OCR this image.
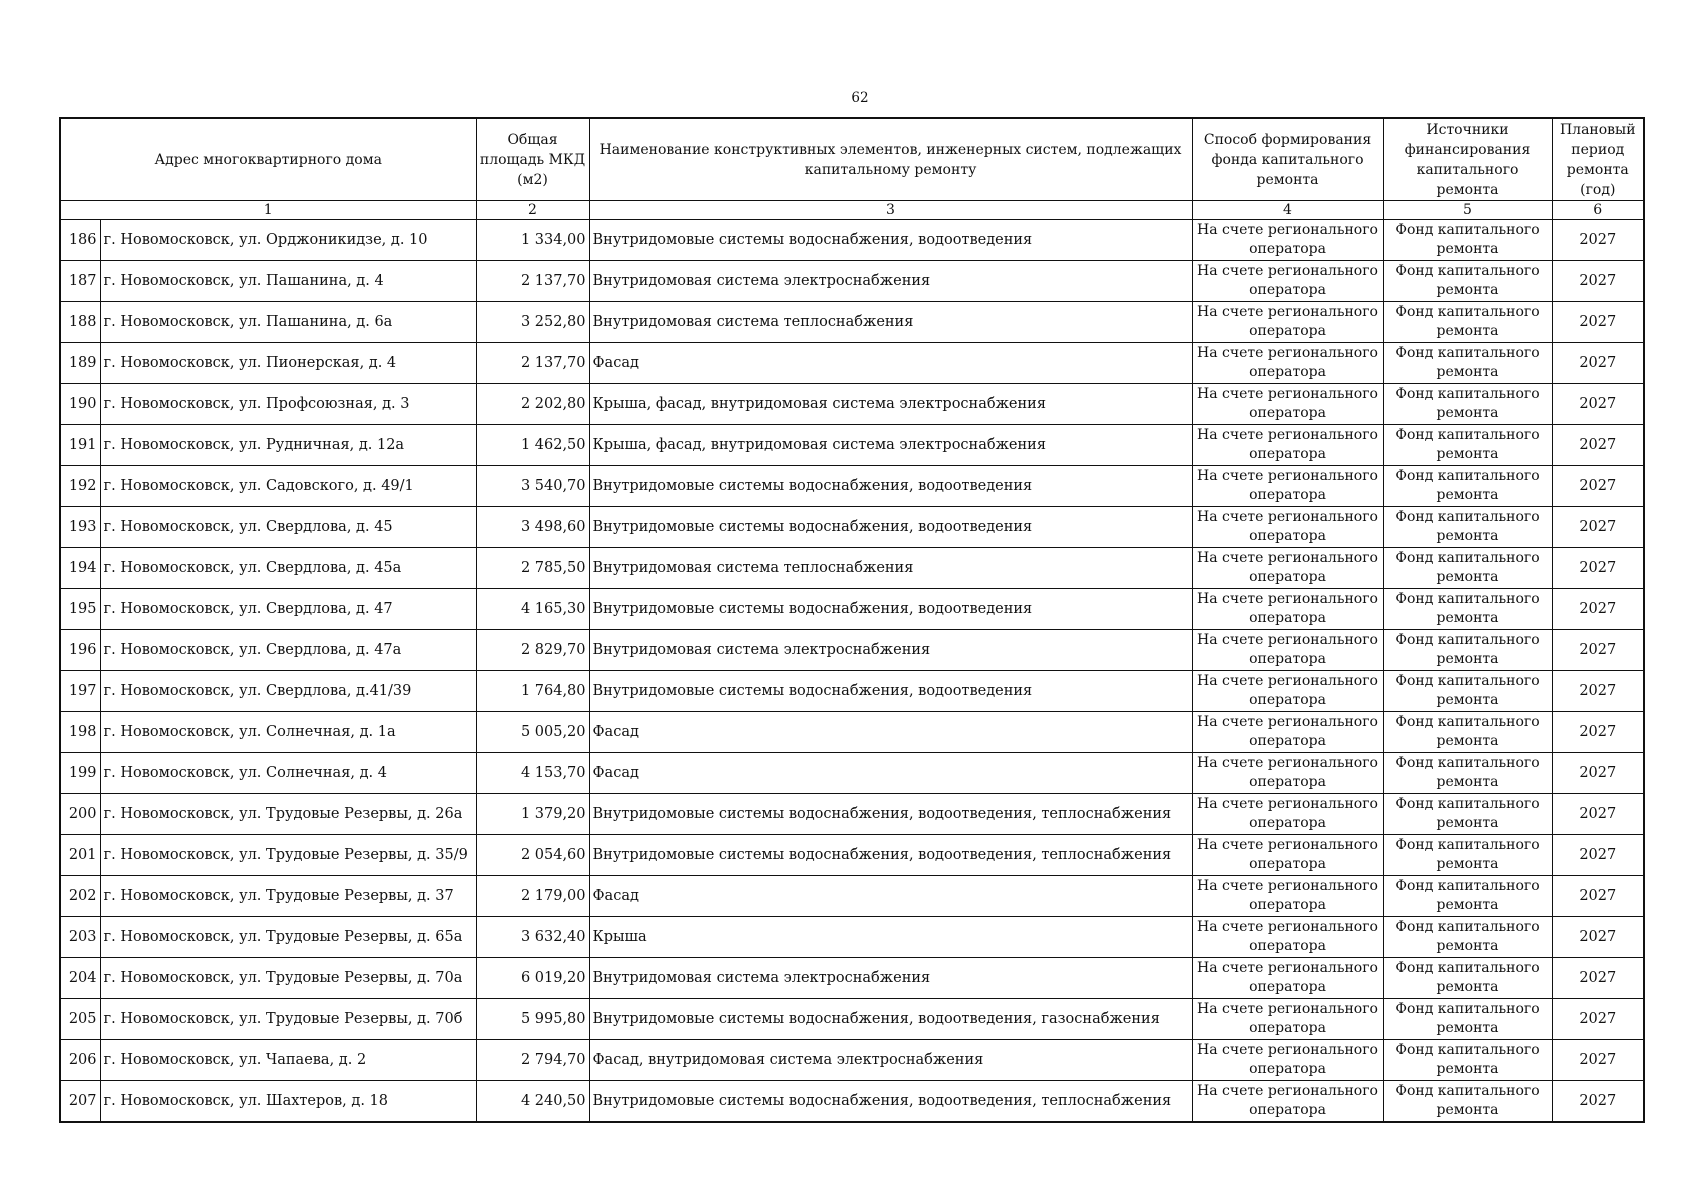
62
Адрес многоквартирного дома		Общая площадь МКД (м2)	Наименование конструктивных элементов, инженерных систем, подлежащих капитальному ремонту	Способ формирования фонда капитального ремонта	Источники финансирования капитального ремонта	Плановый период ремонта (год)
1		2	3	4	5	6
186	г. Новомосковск, ул. Орджоникидзе, д. 10	1 334,00	Внутридомовые системы водоснабжения, водоотведения	На счете регионального оператора	Фонд капитального ремонта	2027
187	г. Новомосковск, ул. Пашанина, д. 4	2 137,70	Внутридомовая система электроснабжения	На счете регионального оператора	Фонд капитального ремонта	2027
188	г. Новомосковск, ул. Пашанина, д. 6а	3 252,80	Внутридомовая система теплоснабжения	На счете регионального оператора	Фонд капитального ремонта	2027
189	г. Новомосковск, ул. Пионерская, д. 4	2 137,70	Фасад	На счете регионального оператора	Фонд капитального ремонта	2027
190	г. Новомосковск, ул. Профсоюзная, д. 3	2 202,80	Крыша, фасад, внутридомовая система электроснабжения	На счете регионального оператора	Фонд капитального ремонта	2027
191	г. Новомосковск, ул. Рудничная, д. 12а	1 462,50	Крыша, фасад, внутридомовая система электроснабжения	На счете регионального оператора	Фонд капитального ремонта	2027
192	г. Новомосковск, ул. Садовского, д. 49/1	3 540,70	Внутридомовые системы водоснабжения, водоотведения	На счете регионального оператора	Фонд капитального ремонта	2027
193	г. Новомосковск, ул. Свердлова, д. 45	3 498,60	Внутридомовые системы водоснабжения, водоотведения	На счете регионального оператора	Фонд капитального ремонта	2027
194	г. Новомосковск, ул. Свердлова, д. 45а	2 785,50	Внутридомовая система теплоснабжения	На счете регионального оператора	Фонд капитального ремонта	2027
195	г. Новомосковск, ул. Свердлова, д. 47	4 165,30	Внутридомовые системы водоснабжения, водоотведения	На счете регионального оператора	Фонд капитального ремонта	2027
196	г. Новомосковск, ул. Свердлова, д. 47а	2 829,70	Внутридомовая система электроснабжения	На счете регионального оператора	Фонд капитального ремонта	2027
197	г. Новомосковск, ул. Свердлова, д.41/39	1 764,80	Внутридомовые системы водоснабжения, водоотведения	На счете регионального оператора	Фонд капитального ремонта	2027
198	г. Новомосковск, ул. Солнечная, д. 1а	5 005,20	Фасад	На счете регионального оператора	Фонд капитального ремонта	2027
199	г. Новомосковск, ул. Солнечная, д. 4	4 153,70	Фасад	На счете регионального оператора	Фонд капитального ремонта	2027
200	г. Новомосковск, ул. Трудовые Резервы, д. 26а	1 379,20	Внутридомовые системы водоснабжения, водоотведения, теплоснабжения	На счете регионального оператора	Фонд капитального ремонта	2027
201	г. Новомосковск, ул. Трудовые Резервы, д. 35/9	2 054,60	Внутридомовые системы водоснабжения, водоотведения, теплоснабжения	На счете регионального оператора	Фонд капитального ремонта	2027
202	г. Новомосковск, ул. Трудовые Резервы, д. 37	2 179,00	Фасад	На счете регионального оператора	Фонд капитального ремонта	2027
203	г. Новомосковск, ул. Трудовые Резервы, д. 65а	3 632,40	Крыша	На счете регионального оператора	Фонд капитального ремонта	2027
204	г. Новомосковск, ул. Трудовые Резервы, д. 70а	6 019,20	Внутридомовая система электроснабжения	На счете регионального оператора	Фонд капитального ремонта	2027
205	г. Новомосковск, ул. Трудовые Резервы, д. 70б	5 995,80	Внутридомовые системы водоснабжения, водоотведения, газоснабжения	На счете регионального оператора	Фонд капитального ремонта	2027
206	г. Новомосковск, ул. Чапаева, д. 2	2 794,70	Фасад, внутридомовая система электроснабжения	На счете регионального оператора	Фонд капитального ремонта	2027
207	г. Новомосковск, ул. Шахтеров, д. 18	4 240,50	Внутридомовые системы водоснабжения, водоотведения, теплоснабжения	На счете регионального оператора	Фонд капитального ремонта	2027
